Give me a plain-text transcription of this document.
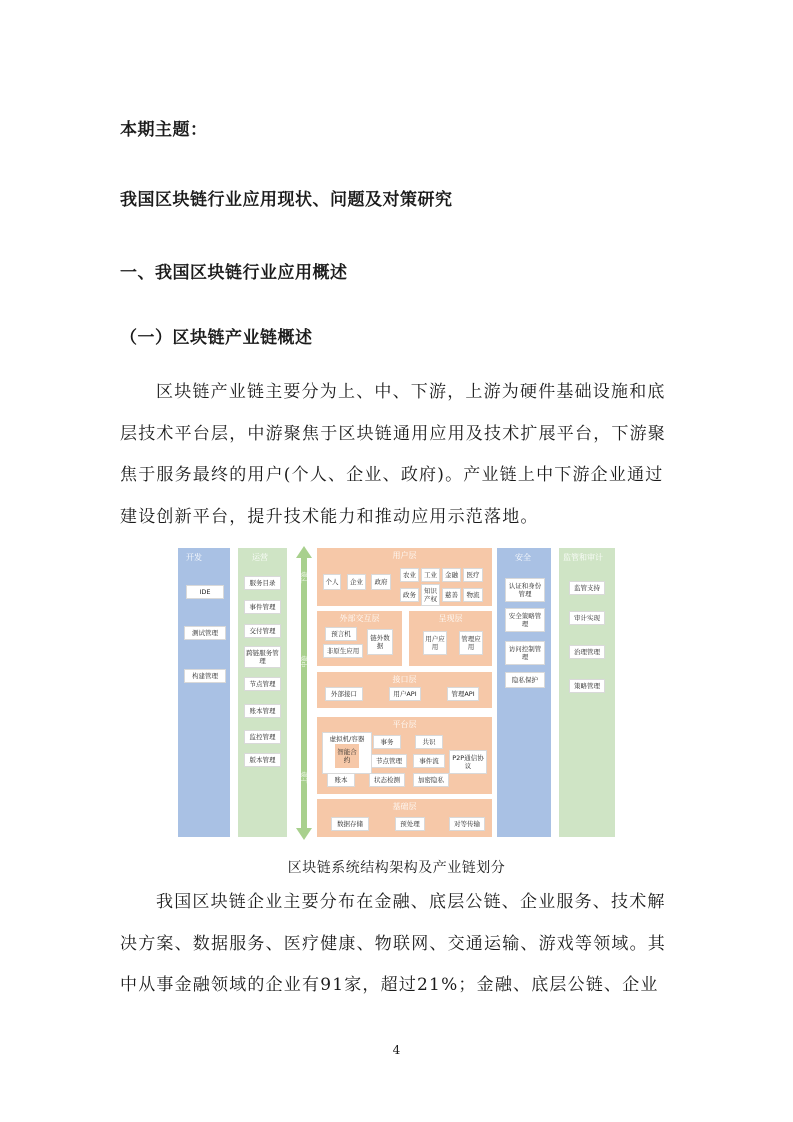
本期主题：
我国区块链行业应用现状、问题及对策研究
一、我国区块链行业应用概述
（一）区块链产业链概述

区块链产业链主要分为上、中、下游，上游为硬件基础设施和底层技术平台层，中游聚焦于区块链通用应用及技术扩展平台，下游聚焦于服务最终的用户(个人、企业、政府)。产业链上中下游企业通过建设创新平台，提升技术能力和推动应用示范落地。

开发
IDE
测试管理
构建管理
运营
服务目录
事件管理
交付管理
跨链服务管理
节点管理
账本管理
监控管理
版本管理
下游
中游
上游
用户层
个人	企业	政府
农业	工业	金融	医疗
政务	知识产权	慈善	物流
外部交互层
预言机
非原生应用
链外数据
呈现层
用户应用
管理应用
接口层
外部接口	用户API	管理API
平台层
虚拟机/容器
智能合约
事务	共识
节点管理	事件流	P2P通信协议
账本	状态检测	加密隐私
基础层
数据存储	预处理	对等传输
安全
认证和身份管理
安全策略管理
访问控制管理
隐私保护
监管和审计
监管支持
审计实现
治理管理
策略管理
区块链系统结构架构及产业链划分

我国区块链企业主要分布在金融、底层公链、企业服务、技术解决方案、数据服务、医疗健康、物联网、交通运输、游戏等领域。其中从事金融领域的企业有91家，超过21%；金融、底层公链、企业

4
